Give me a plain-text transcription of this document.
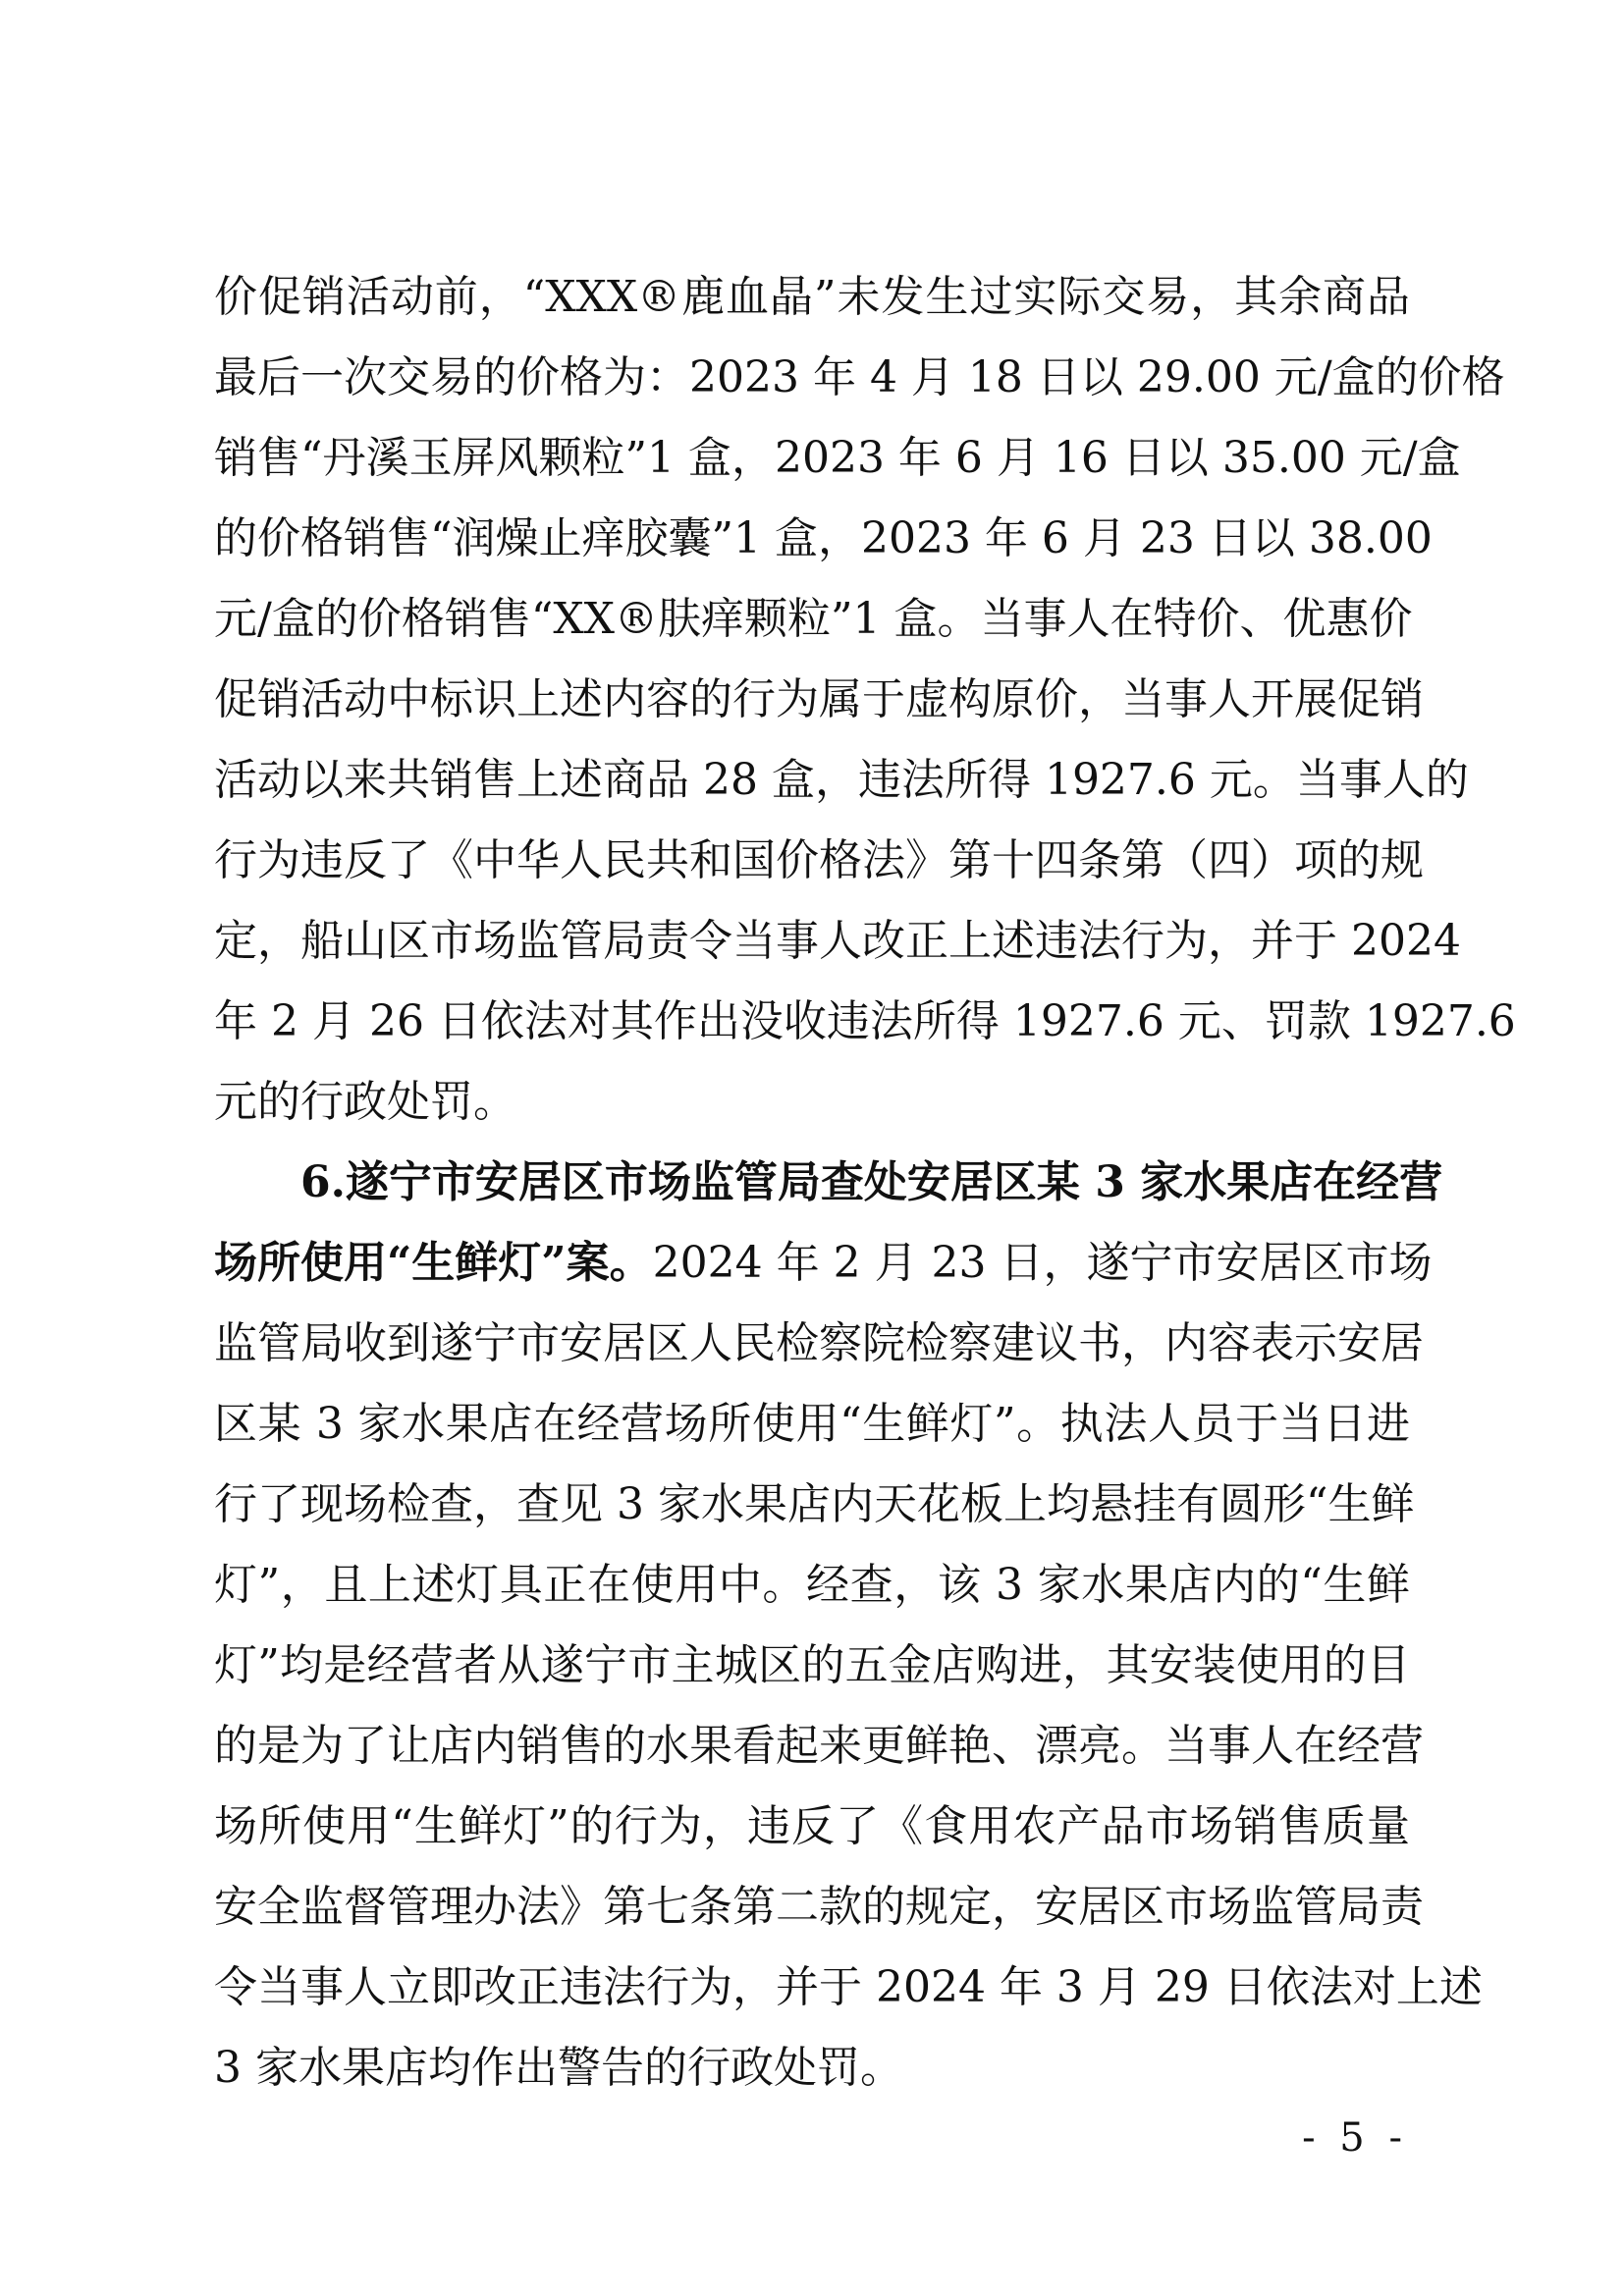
价促销活动前，“XXX®鹿血晶”未发生过实际交易，其余商品
最后一次交易的价格为：2023 年 4 月 18 日以 29.00 元/盒的价格
销售“丹溪玉屏风颗粒”1 盒，2023 年 6 月 16 日以 35.00 元/盒
的价格销售“润燥止痒胶囊”1 盒，2023 年 6 月 23 日以 38.00
元/盒的价格销售“XX®肤痒颗粒”1 盒。当事人在特价、优惠价
促销活动中标识上述内容的行为属于虚构原价，当事人开展促销
活动以来共销售上述商品 28 盒，违法所得 1927.6 元。当事人的
行为违反了《中华人民共和国价格法》第十四条第（四）项的规
定，船山区市场监管局责令当事人改正上述违法行为，并于 2024
年 2 月 26 日依法对其作出没收违法所得 1927.6 元、罚款 1927.6
元的行政处罚。
6.遂宁市安居区市场监管局查处安居区某 3 家水果店在经营
场所使用“生鲜灯”案。2024 年 2 月 23 日，遂宁市安居区市场
监管局收到遂宁市安居区人民检察院检察建议书，内容表示安居
区某 3 家水果店在经营场所使用“生鲜灯”。执法人员于当日进
行了现场检查，查见 3 家水果店内天花板上均悬挂有圆形“生鲜
灯”，且上述灯具正在使用中。经查，该 3 家水果店内的“生鲜
灯”均是经营者从遂宁市主城区的五金店购进，其安装使用的目
的是为了让店内销售的水果看起来更鲜艳、漂亮。当事人在经营
场所使用“生鲜灯”的行为，违反了《食用农产品市场销售质量
安全监督管理办法》第七条第二款的规定，安居区市场监管局责
令当事人立即改正违法行为，并于 2024 年 3 月 29 日依法对上述
3 家水果店均作出警告的行政处罚。
- 5 -
